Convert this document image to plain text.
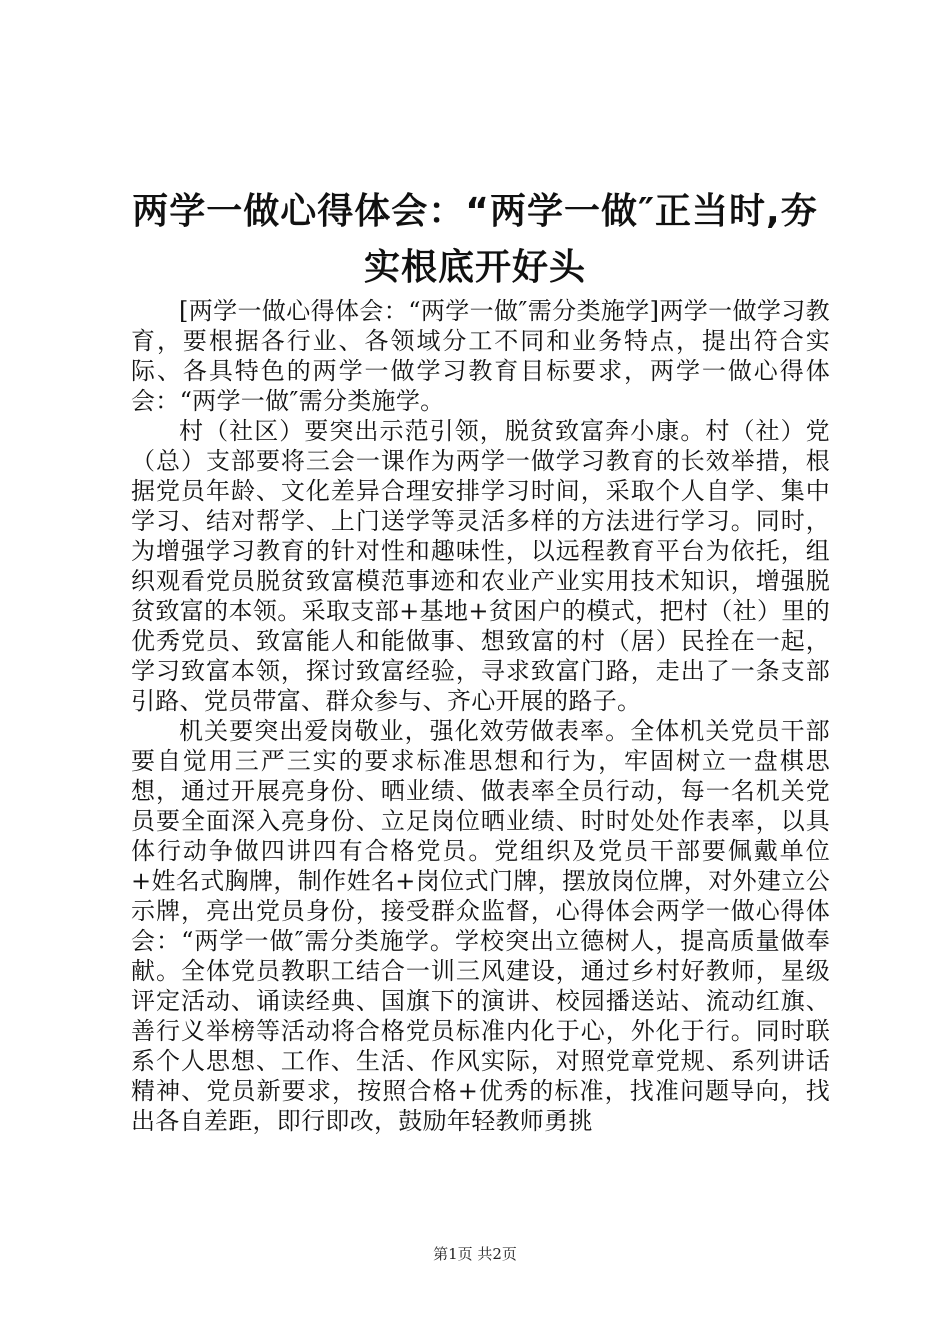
两学一做心得体会：“两学一做″正当时,夯实根底开好头

[两学一做心得体会：“两学一做″需分类施学]两学一做学习教育，要根据各行业、各领域分工不同和业务特点，提出符合实际、各具特色的两学一做学习教育目标要求，两学一做心得体会：“两学一做″需分类施学。

村（社区）要突出示范引领，脱贫致富奔小康。村（社）党（总）支部要将三会一课作为两学一做学习教育的长效举措，根据党员年龄、文化差异合理安排学习时间，采取个人自学、集中学习、结对帮学、上门送学等灵活多样的方法进行学习。同时，为增强学习教育的针对性和趣味性，以远程教育平台为依托，组织观看党员脱贫致富模范事迹和农业产业实用技术知识，增强脱贫致富的本领。采取支部+基地+贫困户的模式，把村（社）里的优秀党员、致富能人和能做事、想致富的村（居）民拴在一起，学习致富本领，探讨致富经验，寻求致富门路，走出了一条支部引路、党员带富、群众参与、齐心开展的路子。

机关要突出爱岗敬业，强化效劳做表率。全体机关党员干部要自觉用三严三实的要求标准思想和行为，牢固树立一盘棋思想，通过开展亮身份、晒业绩、做表率全员行动，每一名机关党员要全面深入亮身份、立足岗位晒业绩、时时处处作表率，以具体行动争做四讲四有合格党员。党组织及党员干部要佩戴单位+姓名式胸牌，制作姓名+岗位式门牌，摆放岗位牌，对外建立公示牌，亮出党员身份，接受群众监督，心得体会两学一做心得体会：“两学一做″需分类施学。学校突出立德树人，提高质量做奉献。全体党员教职工结合一训三风建设，通过乡村好教师，星级评定活动、诵读经典、国旗下的演讲、校园播送站、流动红旗、善行义举榜等活动将合格党员标准内化于心，外化于行。同时联系个人思想、工作、生活、作风实际，对照党章党规、系列讲话精神、党员新要求，按照合格+优秀的标准，找准问题导向，找出各自差距，即行即改，鼓励年轻教师勇挑

第1页 共2页
